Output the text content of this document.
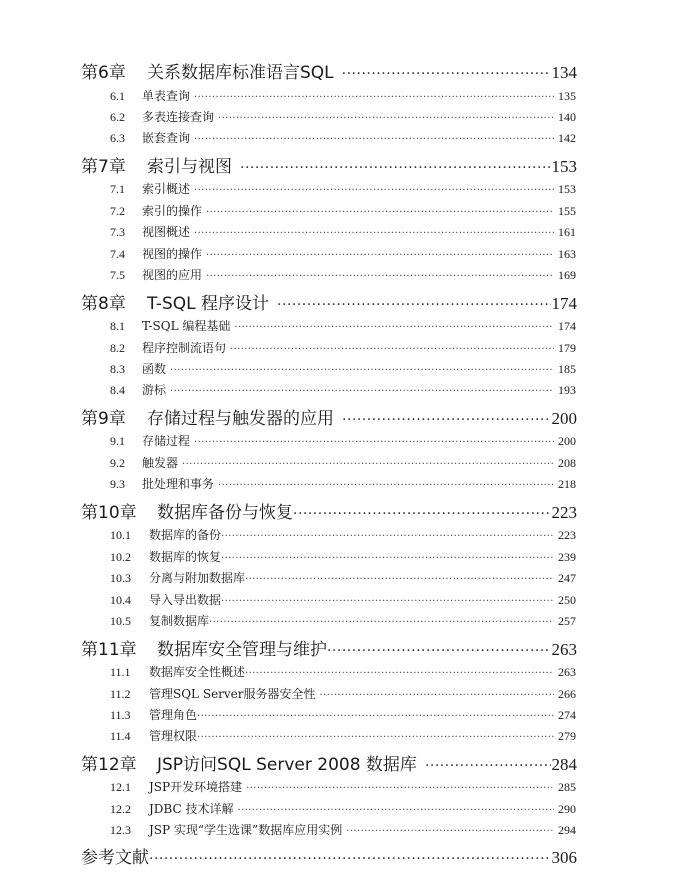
第6章	关系数据库标准语言SQL ·····	134
6.1	单表查询 ·····	135
6.2	多表连接查询 ·····	140
6.3	嵌套查询 ·····	142
第7章	索引与视图 ·····	153
7.1	索引概述 ·····	153
7.2	索引的操作 ·····	155
7.3	视图概述 ·····	161
7.4	视图的操作 ·····	163
7.5	视图的应用 ·····	169
第8章	T-SQL 程序设计 ·····	174
8.1	T-SQL 编程基础 ·····	174
8.2	程序控制流语句 ·····	179
8.3	函数 ·····	185
8.4	游标 ·····	193
第9章	存储过程与触发器的应用 ·····	200
9.1	存储过程 ·····	200
9.2	触发器 ·····	208
9.3	批处理和事务 ·····	218
第10章	数据库备份与恢复 ·····	223
10.1	数据库的备份 ·····	223
10.2	数据库的恢复 ·····	239
10.3	分离与附加数据库 ·····	247
10.4	导入导出数据 ·····	250
10.5	复制数据库 ·····	257
第11章	数据库安全管理与维护 ·····	263
11.1	数据库安全性概述 ·····	263
11.2	管理SQL Server服务器安全性 ·····	266
11.3	管理角色 ·····	274
11.4	管理权限 ·····	279
第12章	JSP访问SQL Server 2008 数据库 ·····	284
12.1	JSP开发环境搭建 ·····	285
12.2	JDBC 技术详解 ·····	290
12.3	JSP 实现“学生选课”数据库应用实例 ·····	294
参考文献 ·····	306
